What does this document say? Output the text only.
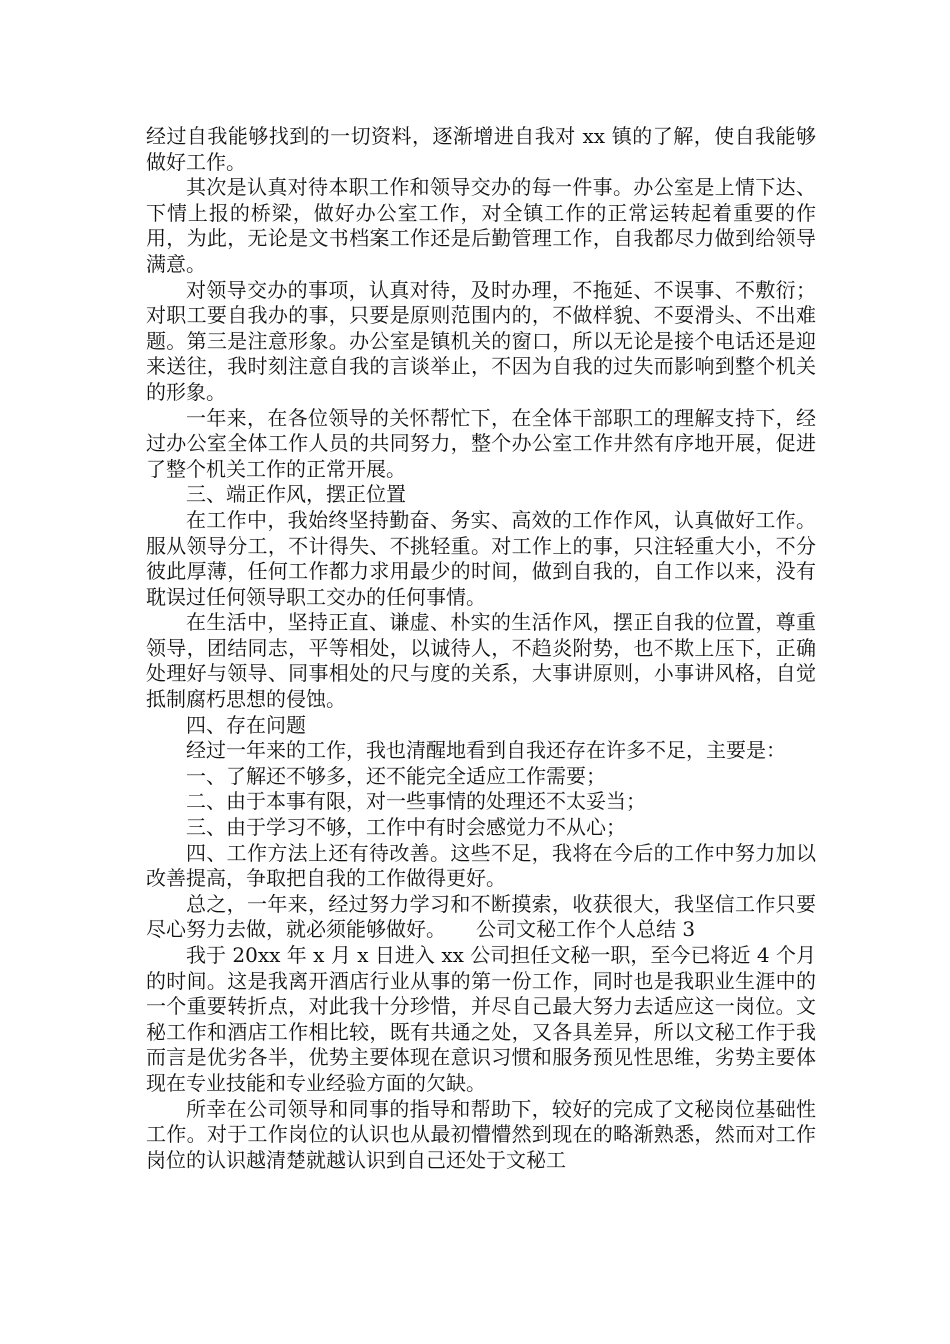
经过自我能够找到的一切资料，逐渐增进自我对 xx 镇的了解，使自我能够做好工作。

其次是认真对待本职工作和领导交办的每一件事。办公室是上情下达、下情上报的桥梁，做好办公室工作，对全镇工作的正常运转起着重要的作用，为此，无论是文书档案工作还是后勤管理工作，自我都尽力做到给领导满意。

对领导交办的事项，认真对待，及时办理，不拖延、不误事、不敷衍；对职工要自我办的事，只要是原则范围内的，不做样貌、不耍滑头、不出难题。第三是注意形象。办公室是镇机关的窗口，所以无论是接个电话还是迎来送往，我时刻注意自我的言谈举止，不因为自我的过失而影响到整个机关的形象。

一年来，在各位领导的关怀帮忙下，在全体干部职工的理解支持下，经过办公室全体工作人员的共同努力，整个办公室工作井然有序地开展，促进了整个机关工作的正常开展。

三、端正作风，摆正位置

在工作中，我始终坚持勤奋、务实、高效的工作作风，认真做好工作。服从领导分工，不计得失、不挑轻重。对工作上的事，只注轻重大小，不分彼此厚薄，任何工作都力求用最少的时间，做到自我的，自工作以来，没有耽误过任何领导职工交办的任何事情。

在生活中，坚持正直、谦虚、朴实的生活作风，摆正自我的位置，尊重领导，团结同志，平等相处，以诚待人，不趋炎附势，也不欺上压下，正确处理好与领导、同事相处的尺与度的关系，大事讲原则，小事讲风格，自觉抵制腐朽思想的侵蚀。

四、存在问题

经过一年来的工作，我也清醒地看到自我还存在许多不足，主要是：

一、了解还不够多，还不能完全适应工作需要；

二、由于本事有限，对一些事情的处理还不太妥当；

三、由于学习不够，工作中有时会感觉力不从心；

四、工作方法上还有待改善。这些不足，我将在今后的工作中努力加以改善提高，争取把自我的工作做得更好。

总之，一年来，经过努力学习和不断摸索，收获很大，我坚信工作只要尽心努力去做，就必须能够做好。　　公司文秘工作个人总结 3

我于 20xx 年 x 月 x 日进入 xx 公司担任文秘一职，至今已将近 4 个月的时间。这是我离开酒店行业从事的第一份工作，同时也是我职业生涯中的一个重要转折点，对此我十分珍惜，并尽自己最大努力去适应这一岗位。文秘工作和酒店工作相比较，既有共通之处，又各具差异，所以文秘工作于我而言是优劣各半，优势主要体现在意识习惯和服务预见性思维，劣势主要体现在专业技能和专业经验方面的欠缺。

所幸在公司领导和同事的指导和帮助下，较好的完成了文秘岗位基础性工作。对于工作岗位的认识也从最初懵懵然到现在的略渐熟悉，然而对工作岗位的认识越清楚就越认识到自己还处于文秘工
